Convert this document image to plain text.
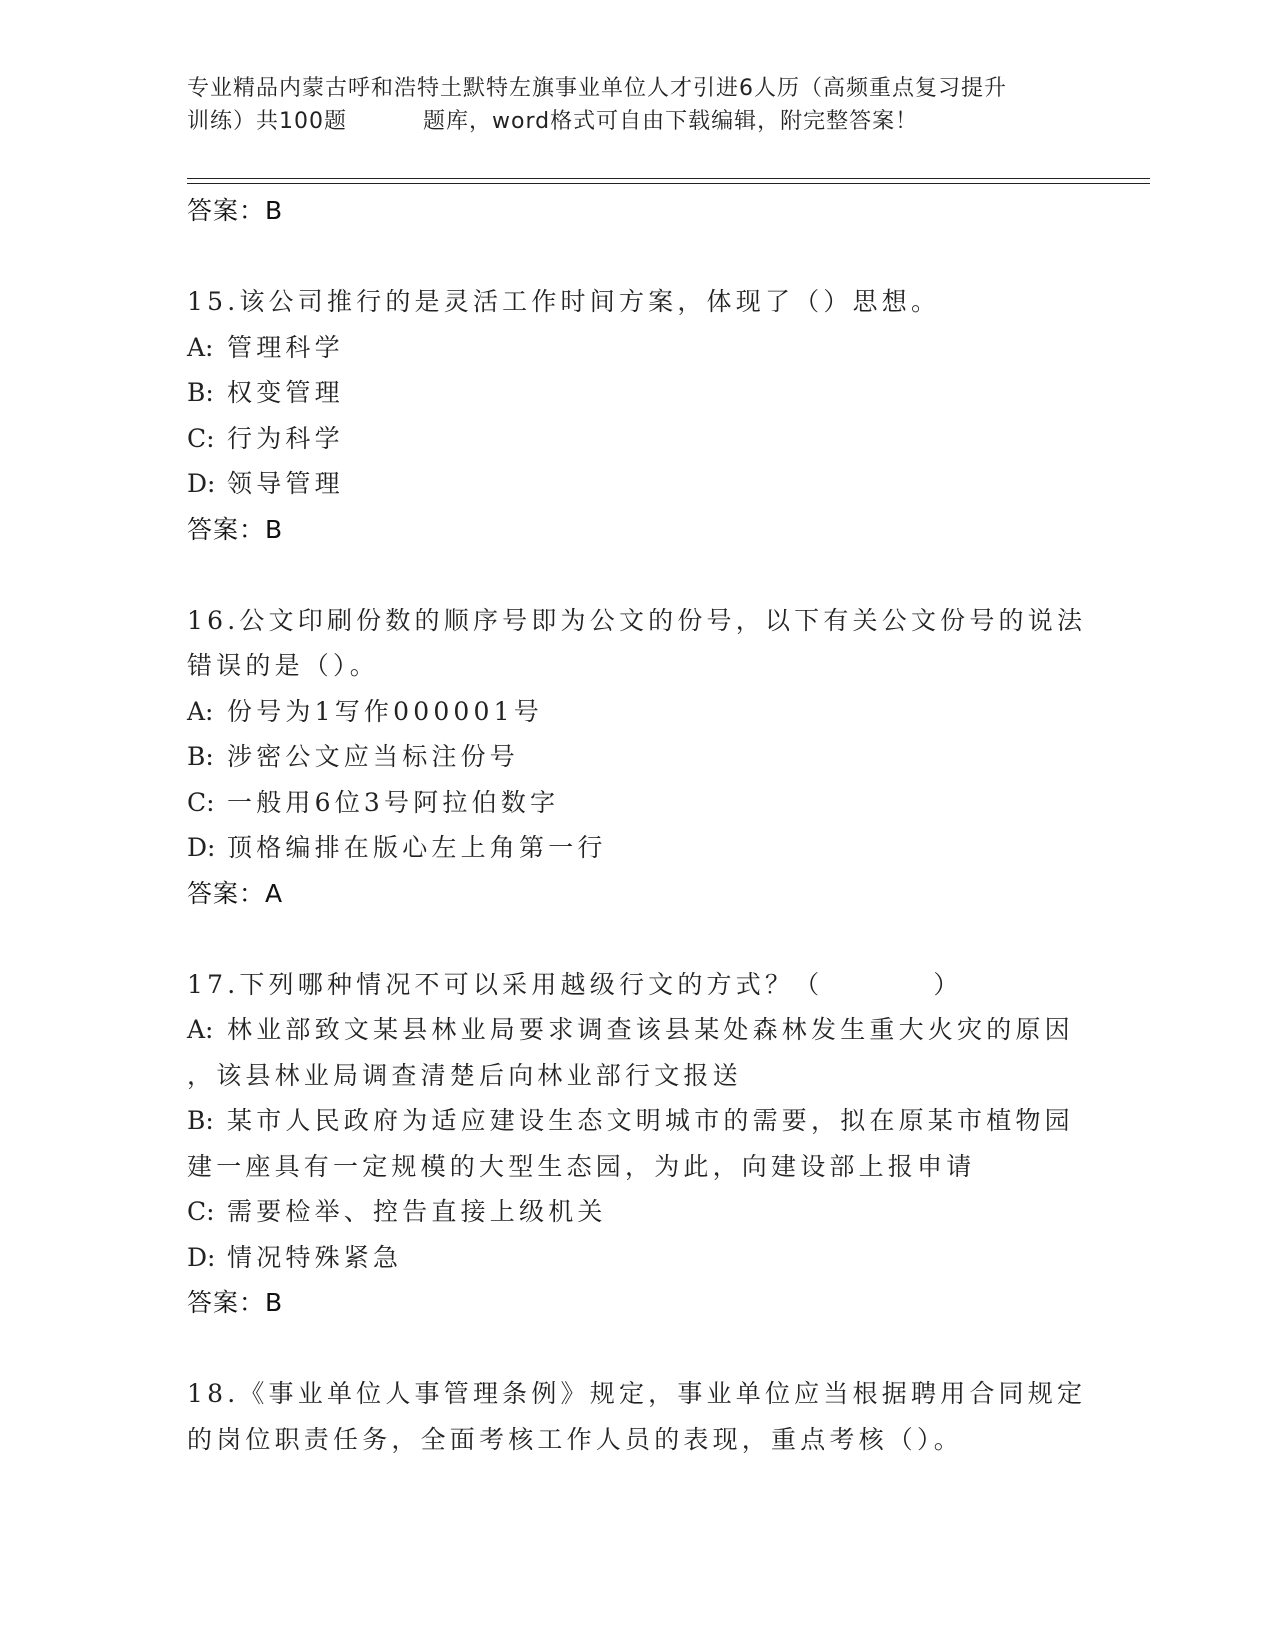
专业精品内蒙古呼和浩特土默特左旗事业单位人才引进6人历（高频重点复习提升
训练）共100题	题库，word格式可自由下载编辑，附完整答案！
答案：B
15.该公司推行的是灵活工作时间方案，体现了（）思想。
A: 管理科学
B: 权变管理
C: 行为科学
D: 领导管理
答案：B
16.公文印刷份数的顺序号即为公文的份号，以下有关公文份号的说法
错误的是（）。
A: 份号为1写作000001号
B: 涉密公文应当标注份号
C: 一般用6位3号阿拉伯数字
D: 顶格编排在版心左上角第一行
答案：A
17.下列哪种情况不可以采用越级行文的方式？（	）
A: 林业部致文某县林业局要求调查该县某处森林发生重大火灾的原因
，该县林业局调查清楚后向林业部行文报送
B: 某市人民政府为适应建设生态文明城市的需要，拟在原某市植物园
建一座具有一定规模的大型生态园，为此，向建设部上报申请
C: 需要检举、控告直接上级机关
D: 情况特殊紧急
答案：B
18.《事业单位人事管理条例》规定，事业单位应当根据聘用合同规定
的岗位职责任务，全面考核工作人员的表现，重点考核（）。
